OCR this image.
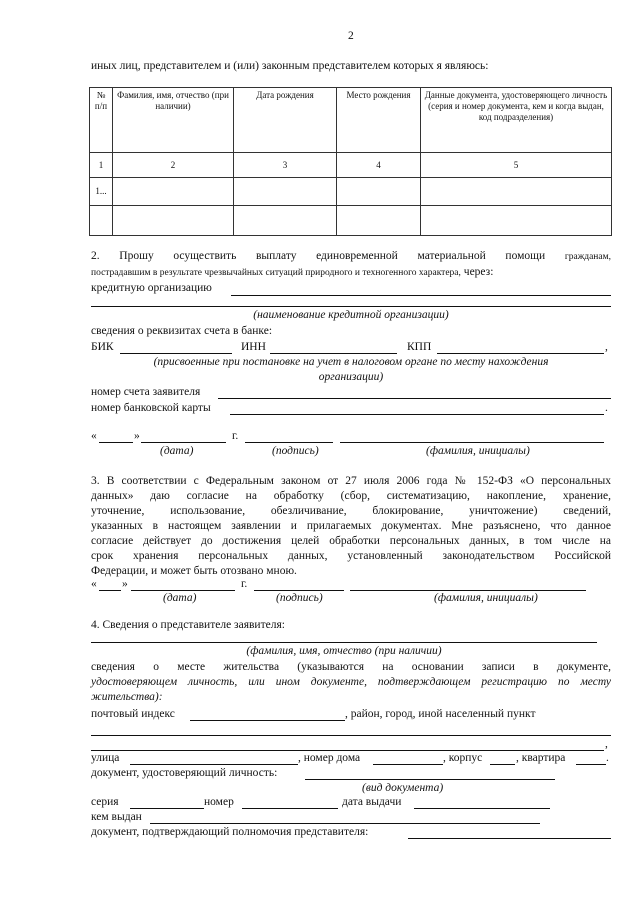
2
иных лиц, представителем и (или) законным представителем которых я являюсь:
№ п/п	Фамилия, имя, отчество (при наличии)	Дата рождения	Место рождения	Данные документа, удостоверяющего личность (серия и номер документа, кем и когда выдан, код подразделения)
1	2	3	4	5
1...				

2. Прошу осуществить выплату единовременной материальной помощи гражданам,
пострадавшим в результате чрезвычайных ситуаций природного и техногенного характера, через:
кредитную организацию
(наименование кредитной организации)
сведения о реквизитах счета в банке:
БИК	ИНН	КПП	,
(присвоенные при постановке на учет в налоговом органе по месту нахождения
организации)
номер счета заявителя
номер банковской карты	.
«	»	г.
(дата)	(подпись)	(фамилия, инициалы)
3. В соответствии с Федеральным законом от 27 июля 2006 года № 152-ФЗ «О персональных
данных» даю согласие на обработку (сбор, систематизацию, накопление, хранение,
уточнение, использование, обезличивание, блокирование, уничтожение) сведений,
указанных в настоящем заявлении и прилагаемых документах. Мне разъяснено, что данное
согласие действует до достижения целей обработки персональных данных, в том числе на
срок хранения персональных данных, установленный законодательством Российской
Федерации, и может быть отозвано мною.
« »	г.
(дата)	(подпись)	(фамилия, инициалы)
4. Сведения о представителе заявителя:
(фамилия, имя, отчество (при наличии)
сведения о месте жительства (указываются на основании записи в документе,
удостоверяющем личность, или ином документе, подтверждающем регистрацию по месту
жительства):
почтовый индекс	, район, город, иной населенный пункт
,
улица	, номер дома	, корпус	, квартира	.
документ, удостоверяющий личность:
(вид документа)
серия	номер	дата выдачи
кем выдан
документ, подтверждающий полномочия представителя:
